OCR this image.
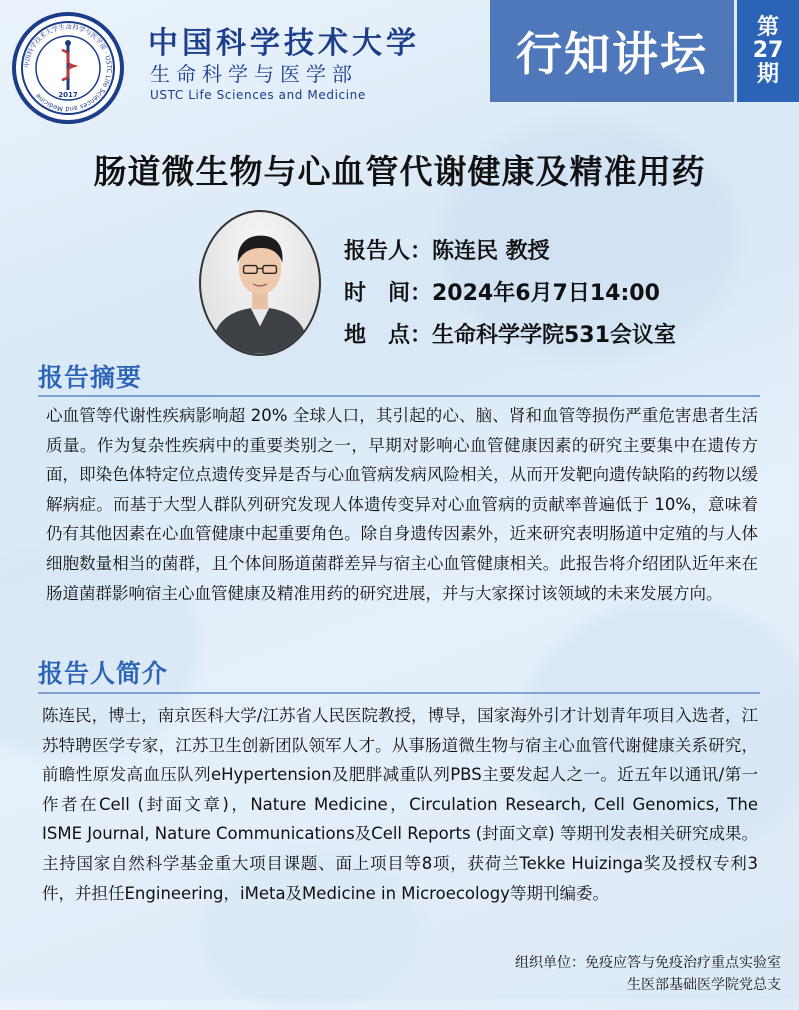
中国科学技术大学生命科学与医学部 · USTC Life Sciences and Medicine	2017
中国科学技术大学
生命科学与医学部
USTC Life Sciences and Medicine
行知讲坛 第
27
期
肠道微生物与心血管代谢健康及精准用药
报告人：陈连民 教授
时　间：2024年6月7日14:00
地　点：生命科学学院531会议室
报告摘要
心血管等代谢性疾病影响超 20% 全球人口，其引起的心、脑、肾和血管等损伤严重危害患者生活质量。作为复杂性疾病中的重要类别之一，早期对影响心血管健康因素的研究主要集中在遗传方面，即染色体特定位点遗传变异是否与心血管病发病风险相关，从而开发靶向遗传缺陷的药物以缓解病症。而基于大型人群队列研究发现人体遗传变异对心血管病的贡献率普遍低于 10%，意味着仍有其他因素在心血管健康中起重要角色。除自身遗传因素外，近来研究表明肠道中定殖的与人体细胞数量相当的菌群，且个体间肠道菌群差异与宿主心血管健康相关。此报告将介绍团队近年来在肠道菌群影响宿主心血管健康及精准用药的研究进展，并与大家探讨该领域的未来发展方向。
报告人简介
陈连民，博士，南京医科大学/江苏省人民医院教授，博导，国家海外引才计划青年项目入选者，江苏特聘医学专家，江苏卫生创新团队领军人才。从事肠道微生物与宿主心血管代谢健康关系研究，前瞻性原发高血压队列eHypertension及肥胖减重队列PBS主要发起人之一。近五年以通讯/第一作者在Cell (封面文章)，Nature Medicine，Circulation Research, Cell Genomics, The ISME Journal, Nature Communications及Cell Reports (封面文章) 等期刊发表相关研究成果。主持国家自然科学基金重大项目课题、面上项目等8项，获荷兰Tekke Huizinga奖及授权专利3件，并担任Engineering，iMeta及Medicine in Microecology等期刊编委。
组织单位：免疫应答与免疫治疗重点实验室
生医部基础医学院党总支
